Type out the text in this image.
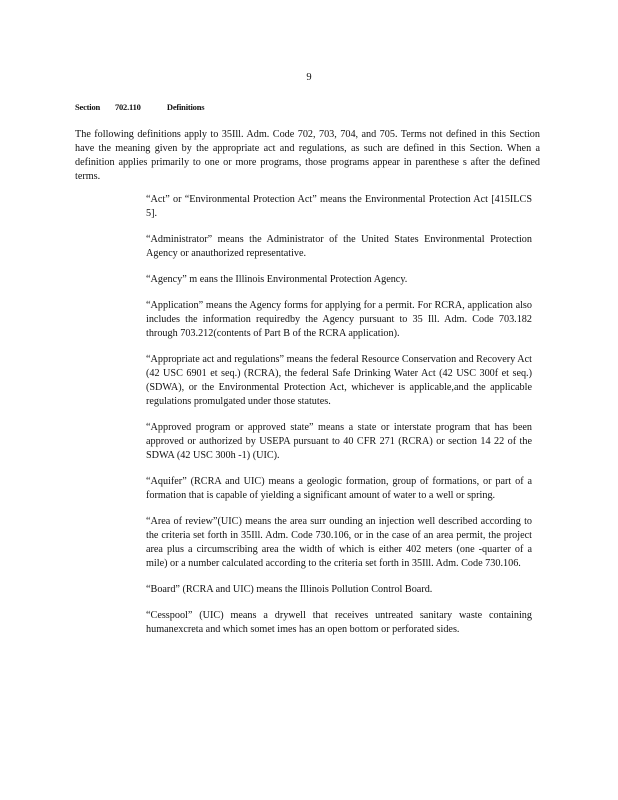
9
Section 702.110	Definitions

The following definitions apply to 35Ill. Adm. Code 702, 703, 704, and 705. Terms not defined in this Section have the meaning given by the appropriate act and regulations, as such are defined in this Section. When a definition applies primarily to one or more programs, those programs appear in parenthese s after the defined terms.

“Act” or “Environmental Protection Act” means the Environmental Protection Act [415ILCS 5].

“Administrator” means the Administrator of the United States Environmental Protection Agency or anauthorized representative.

“Agency” m eans the Illinois Environmental Protection Agency.

“Application” means the Agency forms for applying for a permit. For RCRA, application also includes the information requiredby the Agency pursuant to 35 Ill. Adm. Code 703.182 through 703.212(contents of Part B of the RCRA application).

“Appropriate act and regulations” means the federal Resource Conservation and Recovery Act (42 USC 6901 et seq.) (RCRA), the federal Safe Drinking Water Act (42 USC 300f et seq.) (SDWA), or the Environmental Protection Act, whichever is applicable,and the applicable regulations promulgated under those statutes.

“Approved program or approved state” means a state or interstate program that has been approved or authorized by USEPA pursuant to 40 CFR 271 (RCRA) or section 14 22 of the SDWA (42 USC 300h -1) (UIC).

“Aquifer” (RCRA and UIC) means a geologic formation, group of formations, or part of a formation that is capable of yielding a significant amount of water to a well or spring.

“Area of review”(UIC) means the area surr ounding an injection well described according to the criteria set forth in 35Ill. Adm. Code 730.106, or in the case of an area permit, the project area plus a circumscribing area the width of which is either 402 meters (one -quarter of a mile) or a number calculated according to the criteria set forth in 35Ill. Adm. Code 730.106.

“Board” (RCRA and UIC) means the Illinois Pollution Control Board.

“Cesspool” (UIC) means a drywell that receives untreated sanitary waste containing humanexcreta and which somet imes has an open bottom or perforated sides.
